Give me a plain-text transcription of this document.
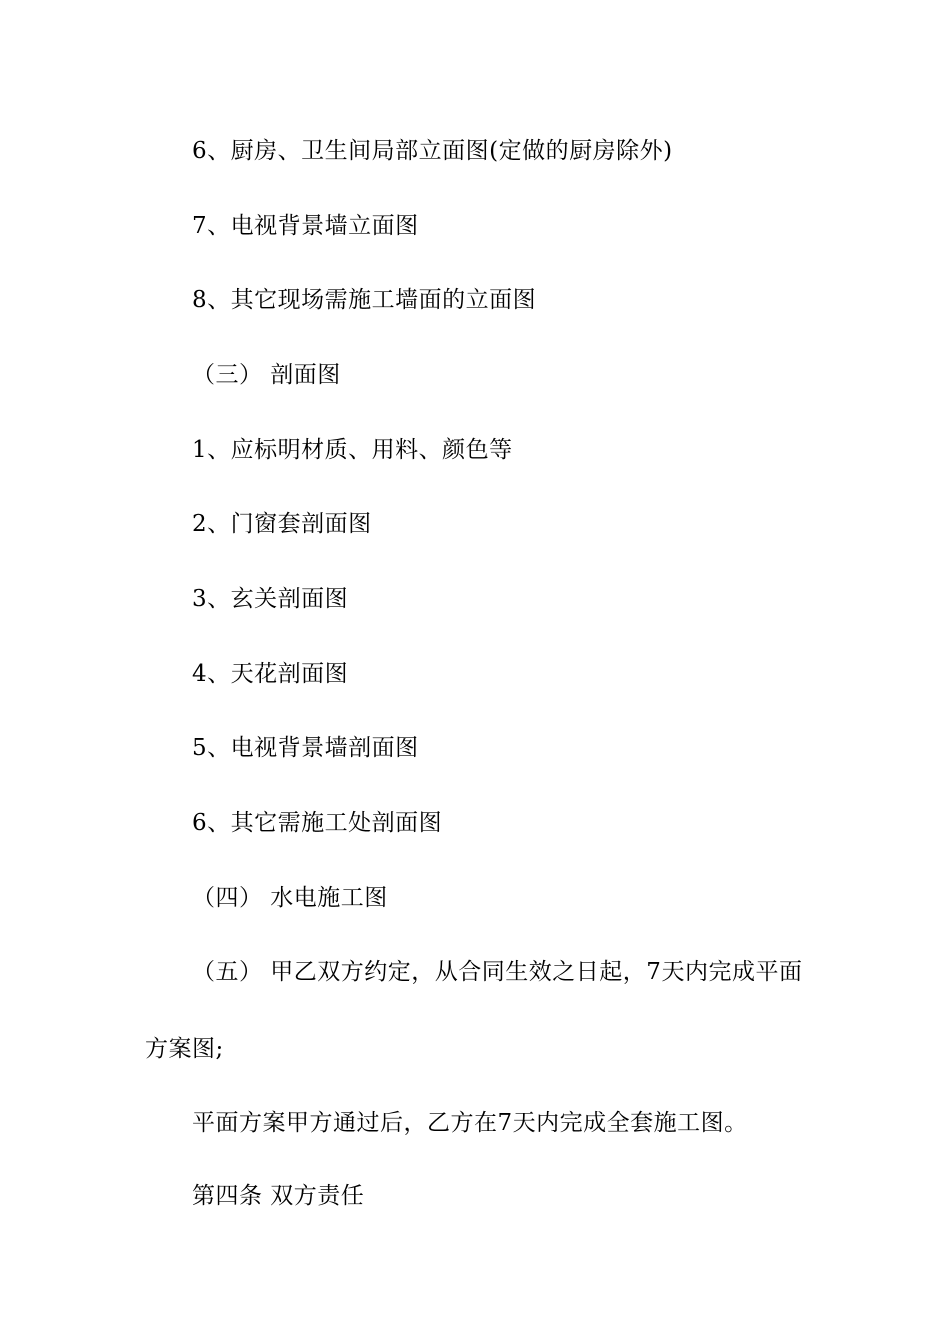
6、厨房、卫生间局部立面图(定做的厨房除外)
7、电视背景墙立面图
8、其它现场需施工墙面的立面图
（三） 剖面图
1、应标明材质、用料、颜色等
2、门窗套剖面图
3、玄关剖面图
4、天花剖面图
5、电视背景墙剖面图
6、其它需施工处剖面图
（四） 水电施工图
（五） 甲乙双方约定，从合同生效之日起，7天内完成平面
方案图;
平面方案甲方通过后，乙方在7天内完成全套施工图。
第四条 双方责任
